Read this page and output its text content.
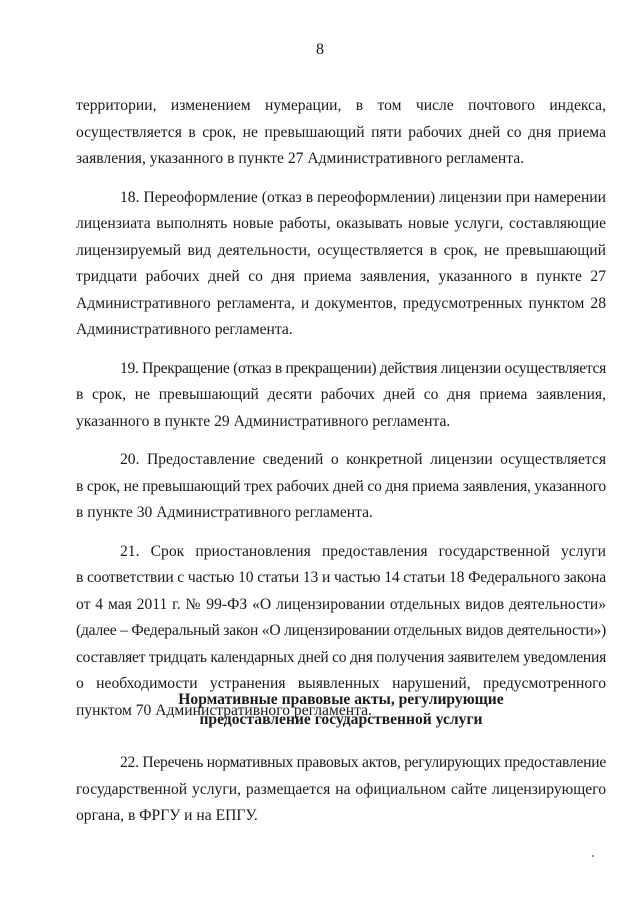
8

территории, изменением нумерации, в том числе почтового индекса,
осуществляется в срок, не превышающий пяти рабочих дней со дня приема
заявления, указанного в пункте 27 Административного регламента.

18. Переоформление (отказ в переоформлении) лицензии при намерении
лицензиата выполнять новые работы, оказывать новые услуги, составляющие
лицензируемый вид деятельности, осуществляется в срок, не превышающий
тридцати рабочих дней со дня приема заявления, указанного в пункте 27
Административного регламента, и документов, предусмотренных пунктом 28
Административного регламента.

19. Прекращение (отказ в прекращении) действия лицензии осуществляется
в срок, не превышающий десяти рабочих дней со дня приема заявления,
указанного в пункте 29 Административного регламента.

20. Предоставление сведений о конкретной лицензии осуществляется
в срок, не превышающий трех рабочих дней со дня приема заявления, указанного
в пункте 30 Административного регламента.

21. Срок приостановления предоставления государственной услуги
в соответствии с частью 10 статьи 13 и частью 14 статьи 18 Федерального закона
от 4 мая 2011 г. № 99-ФЗ «О лицензировании отдельных видов деятельности»
(далее – Федеральный закон «О лицензировании отдельных видов деятельности»)
составляет тридцать календарных дней со дня получения заявителем уведомления
о необходимости устранения выявленных нарушений, предусмотренного
пунктом 70 Административного регламента.

Нормативные правовые акты, регулирующие

предоставление государственной услуги

22. Перечень нормативных правовых актов, регулирующих предоставление
государственной услуги, размещается на официальном сайте лицензирующего
органа, в ФРГУ и на ЕПГУ.
